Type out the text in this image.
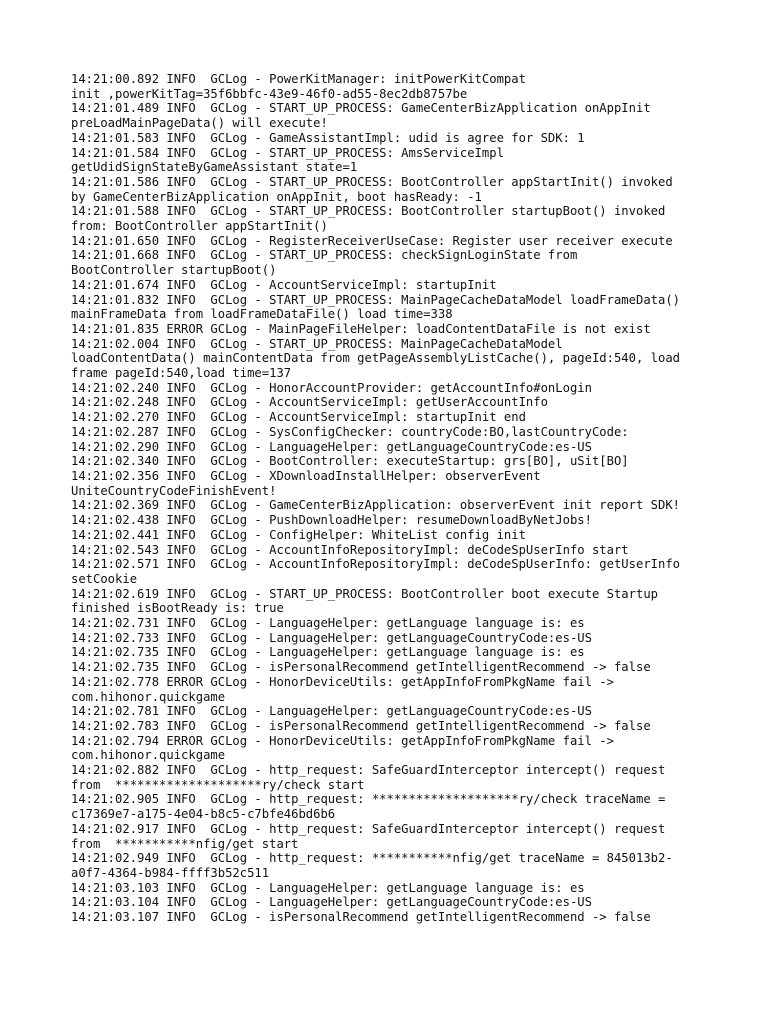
14:21:00.892 INFO  GCLog - PowerKitManager: initPowerKitCompat
init ,powerKitTag=35f6bbfc-43e9-46f0-ad55-8ec2db8757be
14:21:01.489 INFO  GCLog - START_UP_PROCESS: GameCenterBizApplication onAppInit
preLoadMainPageData() will execute!
14:21:01.583 INFO  GCLog - GameAssistantImpl: udid is agree for SDK: 1
14:21:01.584 INFO  GCLog - START_UP_PROCESS: AmsServiceImpl
getUdidSignStateByGameAssistant state=1
14:21:01.586 INFO  GCLog - START_UP_PROCESS: BootController appStartInit() invoked
by GameCenterBizApplication onAppInit, boot hasReady: -1
14:21:01.588 INFO  GCLog - START_UP_PROCESS: BootController startupBoot() invoked
from: BootController appStartInit()
14:21:01.650 INFO  GCLog - RegisterReceiverUseCase: Register user receiver execute
14:21:01.668 INFO  GCLog - START_UP_PROCESS: checkSignLoginState from
BootController startupBoot()
14:21:01.674 INFO  GCLog - AccountServiceImpl: startupInit
14:21:01.832 INFO  GCLog - START_UP_PROCESS: MainPageCacheDataModel loadFrameData()
mainFrameData from loadFrameDataFile() load time=338
14:21:01.835 ERROR GCLog - MainPageFileHelper: loadContentDataFile is not exist
14:21:02.004 INFO  GCLog - START_UP_PROCESS: MainPageCacheDataModel
loadContentData() mainContentData from getPageAssemblyListCache(), pageId:540, load
frame pageId:540,load time=137
14:21:02.240 INFO  GCLog - HonorAccountProvider: getAccountInfo#onLogin
14:21:02.248 INFO  GCLog - AccountServiceImpl: getUserAccountInfo
14:21:02.270 INFO  GCLog - AccountServiceImpl: startupInit end
14:21:02.287 INFO  GCLog - SysConfigChecker: countryCode:BO,lastCountryCode:
14:21:02.290 INFO  GCLog - LanguageHelper: getLanguageCountryCode:es-US
14:21:02.340 INFO  GCLog - BootController: executeStartup: grs[BO], uSit[BO]
14:21:02.356 INFO  GCLog - XDownloadInstallHelper: observerEvent
UniteCountryCodeFinishEvent!
14:21:02.369 INFO  GCLog - GameCenterBizApplication: observerEvent init report SDK!
14:21:02.438 INFO  GCLog - PushDownloadHelper: resumeDownloadByNetJobs!
14:21:02.441 INFO  GCLog - ConfigHelper: WhiteList config init
14:21:02.543 INFO  GCLog - AccountInfoRepositoryImpl: deCodeSpUserInfo start
14:21:02.571 INFO  GCLog - AccountInfoRepositoryImpl: deCodeSpUserInfo: getUserInfo
setCookie
14:21:02.619 INFO  GCLog - START_UP_PROCESS: BootController boot execute Startup
finished isBootReady is: true
14:21:02.731 INFO  GCLog - LanguageHelper: getLanguage language is: es
14:21:02.733 INFO  GCLog - LanguageHelper: getLanguageCountryCode:es-US
14:21:02.735 INFO  GCLog - LanguageHelper: getLanguage language is: es
14:21:02.735 INFO  GCLog - isPersonalRecommend getIntelligentRecommend -> false
14:21:02.778 ERROR GCLog - HonorDeviceUtils: getAppInfoFromPkgName fail ->
com.hihonor.quickgame
14:21:02.781 INFO  GCLog - LanguageHelper: getLanguageCountryCode:es-US
14:21:02.783 INFO  GCLog - isPersonalRecommend getIntelligentRecommend -> false
14:21:02.794 ERROR GCLog - HonorDeviceUtils: getAppInfoFromPkgName fail ->
com.hihonor.quickgame
14:21:02.882 INFO  GCLog - http_request: SafeGuardInterceptor intercept() request
from  ********************ry/check start
14:21:02.905 INFO  GCLog - http_request: ********************ry/check traceName =
c17369e7-a175-4e04-b8c5-c7bfe46bd6b6
14:21:02.917 INFO  GCLog - http_request: SafeGuardInterceptor intercept() request
from  ***********nfig/get start
14:21:02.949 INFO  GCLog - http_request: ***********nfig/get traceName = 845013b2-
a0f7-4364-b984-ffff3b52c511
14:21:03.103 INFO  GCLog - LanguageHelper: getLanguage language is: es
14:21:03.104 INFO  GCLog - LanguageHelper: getLanguageCountryCode:es-US
14:21:03.107 INFO  GCLog - isPersonalRecommend getIntelligentRecommend -> false
